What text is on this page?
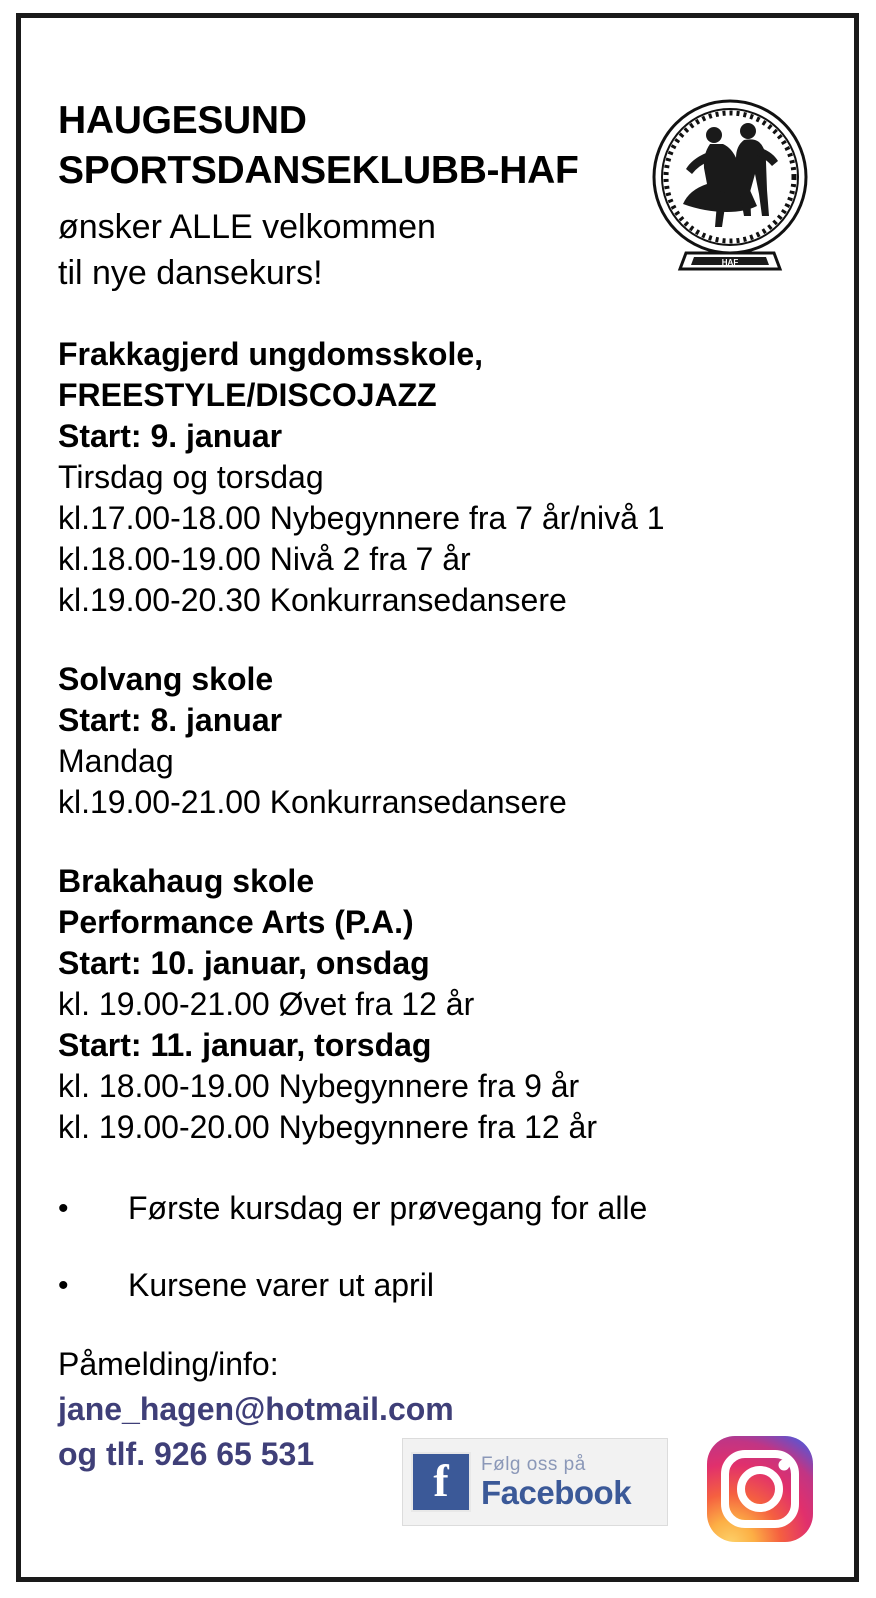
HAF
HAUGESUND
SPORTSDANSEKLUBB-HAF
ønsker ALLE velkommen
til nye dansekurs!
Frakkagjerd ungdomsskole,
FREESTYLE/DISCOJAZZ
Start: 9. januar
Tirsdag og torsdag
kl.17.00-18.00 Nybegynnere fra 7 år/nivå 1
kl.18.00-19.00 Nivå 2 fra 7 år
kl.19.00-20.30 Konkurransedansere
Solvang skole
Start: 8. januar
Mandag
kl.19.00-21.00 Konkurransedansere
Brakahaug skole
Performance Arts (P.A.)
Start: 10. januar, onsdag
kl. 19.00-21.00 Øvet fra 12 år
Start: 11. januar, torsdag
kl. 18.00-19.00 Nybegynnere fra 9 år
kl. 19.00-20.00 Nybegynnere fra 12 år
•	Første kursdag er prøvegang for alle
•	Kursene varer ut april
Påmelding/info:
jane_hagen@hotmail.com
og tlf. 926 65 531
f	Følg oss på
Facebook
